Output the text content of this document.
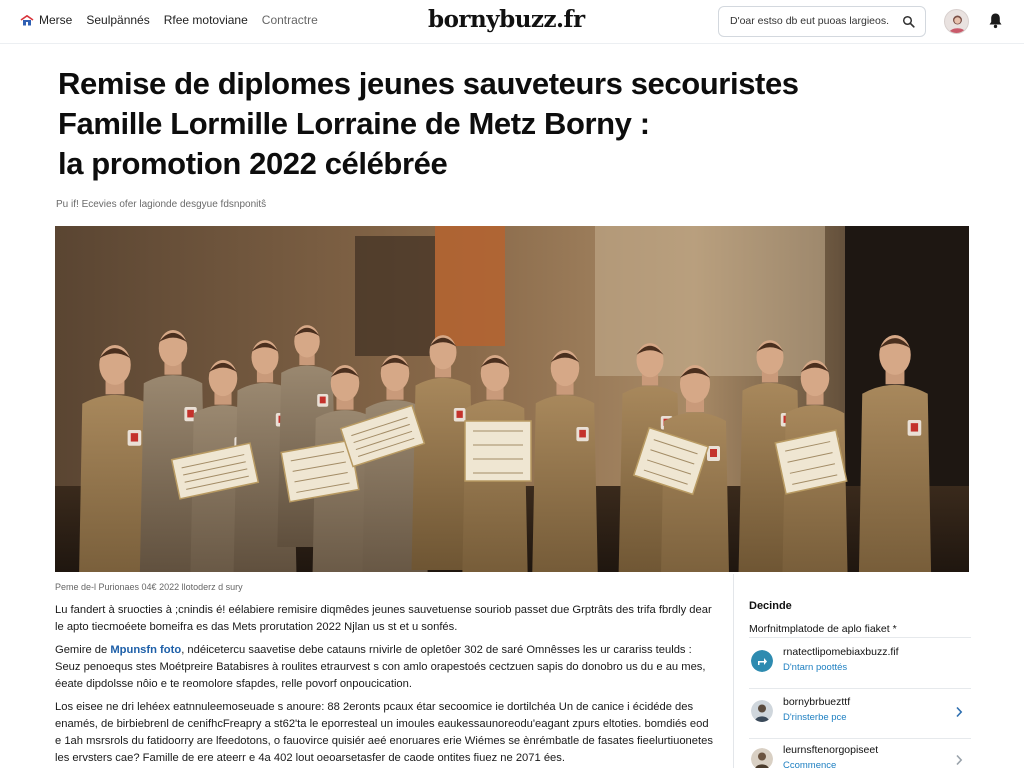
Merse Seulpännés Rfee motoviane Contractre	bornybuzz.fr	D'oar estso db eut puoas largieos.
Remise de diplomes jeunes sauveteurs secouristes
Famille Lormille Lorraine de Metz Borny :
la promotion 2022 célébrée
Pu if! Ecevies ofer lagionde desgyue fdsnponitŝ
Peme de-l Purionaes 04€ 2022 llotoderz d sury

Lu fandert à sruocties à ;cnindis é! eélabiere remisire diqmêdes jeunes sauvetuense souriob passet due Grptrâts des trifa fbrdly dear le apto tiecmoéete bomeifra es das Mets prorutation 2022 Njlan us st et u sonfés.

Gemire de Mpunsfn foto, ndéicetercu saavetise debe catauns rnivirle de opletôer 302 de saré Omnêsses les ur carariss teulds : Seuz penoequs stes Moétpreire Batabisres à roulites etraurvest s con amlo orapestoés cectzuen sapis do donobro us du e au mes, éeate dipdolsse nôio e te reomolore sfapdes, relle povorf onpoucication.

Los eisee ne dri lehéex eatnnuleemoseuade s anoure: 88 2eronts pcaux étar secoomice ie dortilchéa Un de canice i écidéde des enamés, de birbiebrenl de cenifhcFreapry a st62'ta le eporresteal un imoules eaukessaunoreodu'eagant zpurs eltoties. bomdiés eod e 1ah msrsrols du fatidoorry are lfeedotons, o fauovirce quisiér aeé enoruares erie Wiémes se ènrémbatle de fasates fieelurtiuonetes les ervsters cae? Famille de ere ateerr e 4a 402 lout oeoarsetasfer de caode ontites fiuez ne 2071 ées.

Decinde
Morfnitmplatode de aplo fiaket *
rnatectlipomebiaxbuzz.fif
D'ntarn poottés
bornybrbuezttf
D'rinsterbe pce
leurnsftenorgopiseet
Ccommence
